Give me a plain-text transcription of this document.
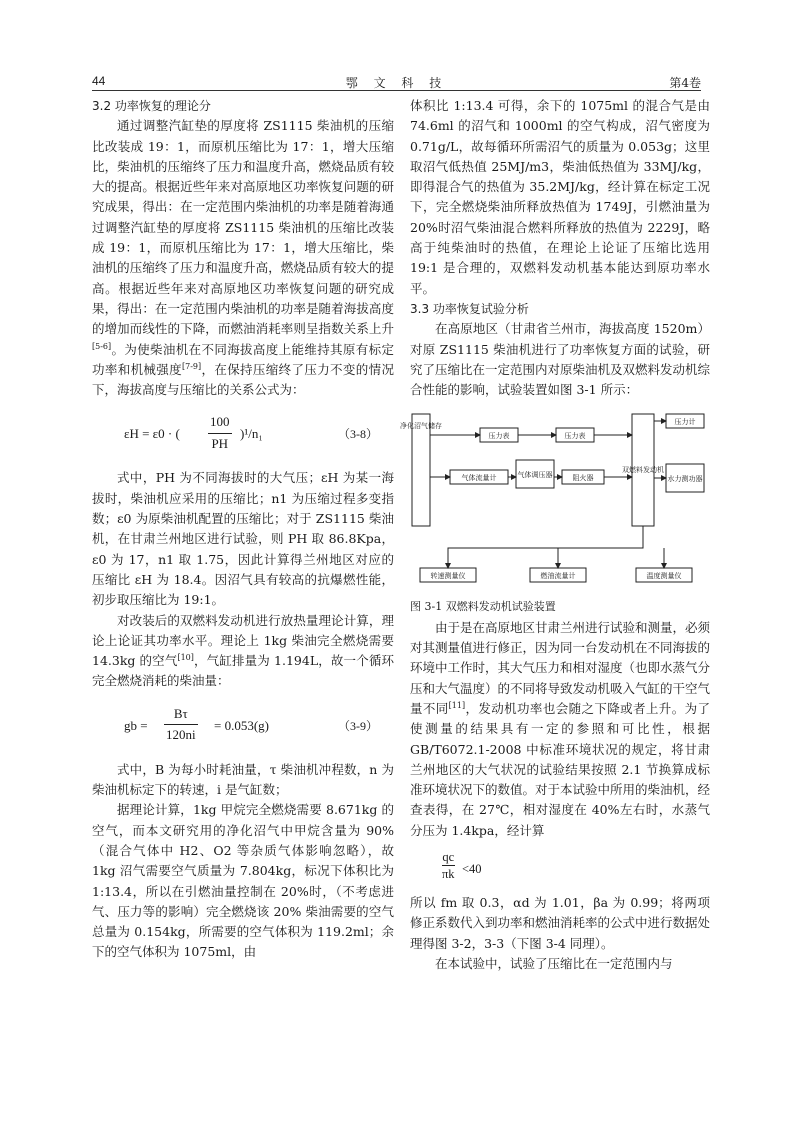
44	鄂 文 科 技	第4卷

3.2 功率恢复的理论分

通过调整汽缸垫的厚度将 ZS1115 柴油机的压缩比改装成 19：1，而原机压缩比为 17：1，增大压缩比，柴油机的压缩终了压力和温度升高，燃烧品质有较大的提高。根据近些年来对高原地区功率恢复问题的研究成果，得出：在一定范围内柴油机的功率是随着海通过调整汽缸垫的厚度将 ZS1115 柴油机的压缩比改装成 19：1，而原机压缩比为 17：1，增大压缩比，柴油机的压缩终了压力和温度升高，燃烧品质有较大的提高。根据近些年来对高原地区功率恢复问题的研究成果，得出：在一定范围内柴油机的功率是随着海拔高度的增加而线性的下降，而燃油消耗率则呈指数关系上升[5-6]。为使柴油机在不同海拔高度上能维持其原有标定功率和机械强度[7-9]，在保持压缩终了压力不变的情况下，海拔高度与压缩比的关系公式为：

εH = ε0 · ( $\frac{100}{PH} )^1/n_1$	（3-8）

式中，PH 为不同海拔时的大气压；εH 为某一海拔时，柴油机应采用的压缩比；n1 为压缩过程多变指数；ε0 为原柴油机配置的压缩比；对于 ZS1115 柴油机，在甘肃兰州地区进行试验，则 PH 取 86.8Kpa，ε0 为 17，n1 取 1.75，因此计算得兰州地区对应的压缩比 εH 为 18.4。因沼气具有较高的抗爆燃性能，初步取压缩比为 19:1。

对改装后的双燃料发动机进行放热量理论计算，理论上论证其功率水平。理论上 1kg 柴油完全燃烧需要 14.3kg 的空气[10]，气缸排量为 1.194L，故一个循环完全燃烧消耗的柴油量：

gb = $\frac{B\tau}{120ni} = 0.053(g)$	（3-9）

式中，B 为每小时耗油量，τ 柴油机冲程数，n 为柴油机标定下的转速，i 是气缸数；

据理论计算，1kg 甲烷完全燃烧需要 8.671kg 的空气，而本文研究用的净化沼气中甲烷含量为 90%（混合气体中 H2、O2 等杂质气体影响忽略），故 1kg 沼气需要空气质量为 7.804kg，标况下体积比为 1:13.4，所以在引燃油量控制在 20%时，（不考虑进气、压力等的影响）完全燃烧该 20% 柴油需要的空气总量为 0.154kg，所需要的空气体积为 119.2ml；余下的空气体积为 1075ml，由

体积比 1:13.4 可得，余下的 1075ml 的混合气是由 74.6ml 的沼气和 1000ml 的空气构成，沼气密度为 0.71g/L，故每循环所需沼气的质量为 0.053g；这里取沼气低热值 25MJ/m3，柴油低热值为 33MJ/kg，即得混合气的热值为 35.2MJ/kg，经计算在标定工况下，完全燃烧柴油所释放热值为 1749J，引燃油量为 20%时沼气柴油混合燃料所释放的热值为 2229J，略高于纯柴油时的热值，在理论上论证了压缩比选用 19:1 是合理的，双燃料发动机基本能达到原功率水平。

3.3 功率恢复试验分析

在高原地区（甘肃省兰州市，海拔高度 1520m）对原 ZS1115 柴油机进行了功率恢复方面的试验，研究了压缩比在一定范围内对原柴油机及双燃料发动机综合性能的影响，试验装置如图 3-1 所示：

净化沼气储存
压力表	压力表
气体流量计	气体调压器	阻火器
双燃料发动机
压力计
水力测功器
转速测量仪	燃油流量计	温度测量仪

图 3-1 双燃料发动机试验装置

由于是在高原地区甘肃兰州进行试验和测量，必须对其测量值进行修正，因为同一台发动机在不同海拔的环境中工作时，其大气压力和相对湿度（也即水蒸气分压和大气温度）的不同将导致发动机吸入气缸的干空气量不同[11]，发动机功率也会随之下降或者上升。为了使测量的结果具有一定的参照和可比性，根据 GB/T6072.1-2008 中标准环境状况的规定，将甘肃兰州地区的大气状况的试验结果按照 2.1 节换算成标准环境状况下的数值。对于本试验中所用的柴油机，经查表得，在 27℃，相对湿度在 40%左右时，水蒸气分压为 1.4kpa，经计算

$\frac{qc}{\pi k} <40$

所以 fm 取 0.3，αd 为 1.01，βa 为 0.99；将两项修正系数代入到功率和燃油消耗率的公式中进行数据处理得图 3-2，3-3（下图 3-4 同理）。

在本试验中，试验了压缩比在一定范围内与
